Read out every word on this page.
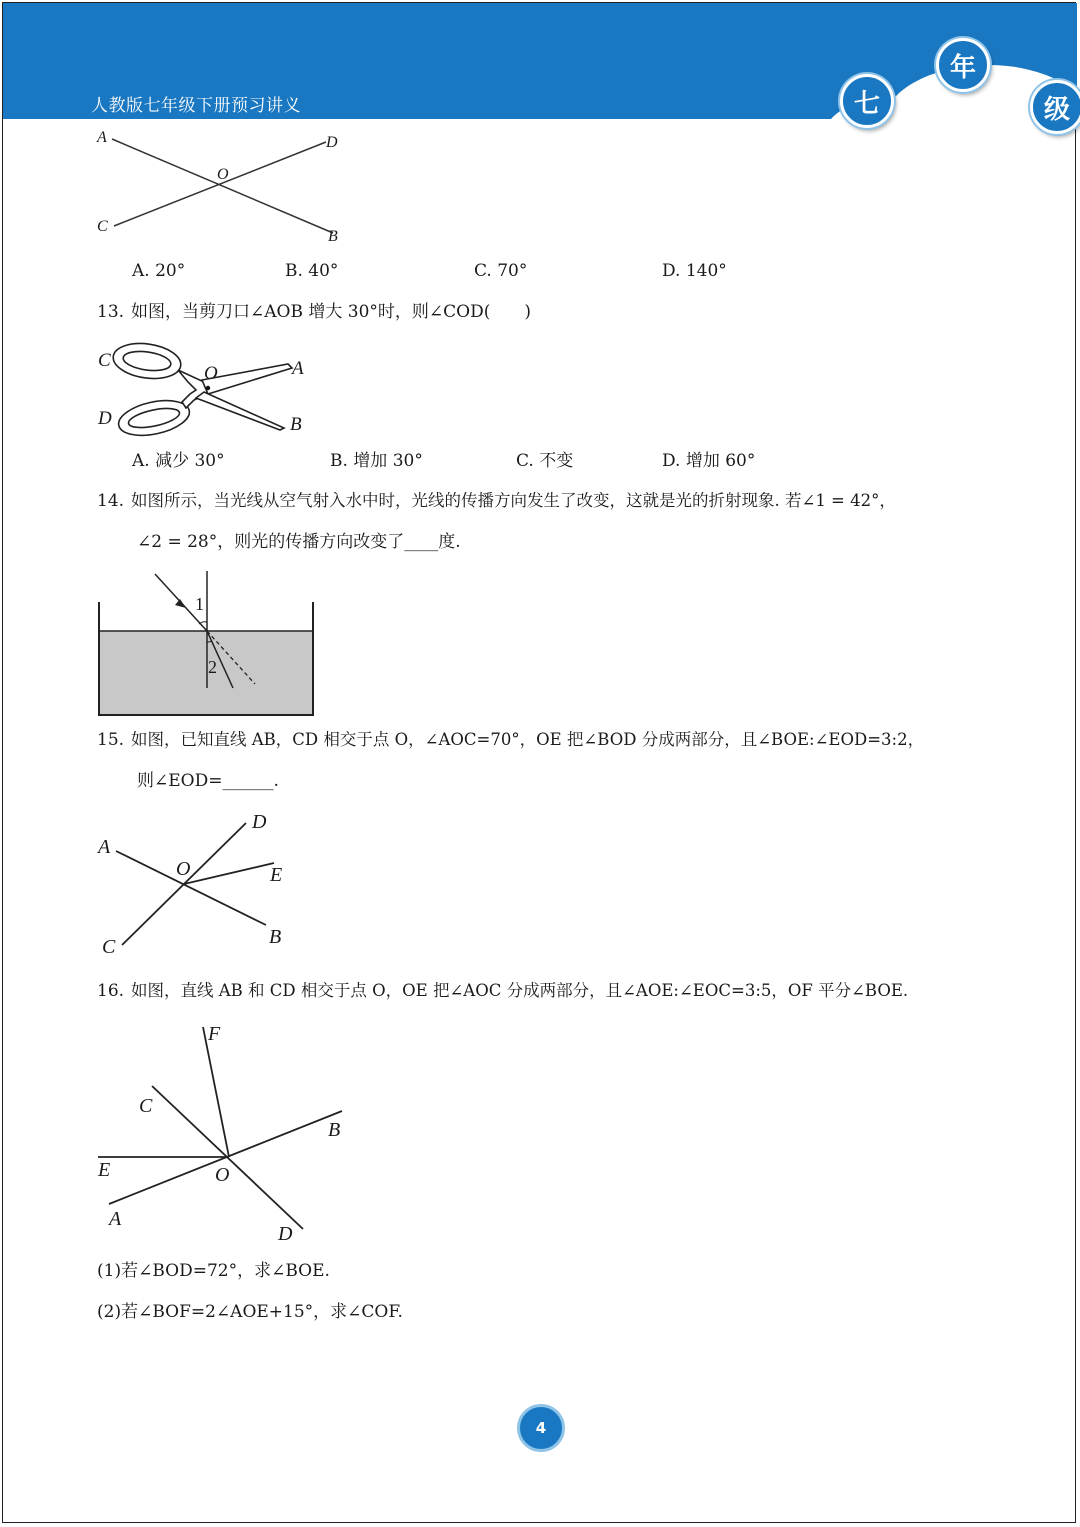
人教版七年级下册预习讲义	七
年
级
A	D
O
C
B
A. 20°	B. 40°	C. 70°	D. 140°
13. 如图，当剪刀口∠AOB 增大 30°时，则∠COD(　　)
C
O	A
D	B
A. 减少 30°	B. 增加 30°	C. 不变	D. 增加 60°
14. 如图所示，当光线从空气射入水中时，光线的传播方向发生了改变，这就是光的折射现象. 若∠1 = 42°，
∠2 = 28°，则光的传播方向改变了____度.
1
2
15. 如图，已知直线 AB，CD 相交于点 O，∠AOC=70°，OE 把∠BOD 分成两部分，且∠BOE:∠EOD=3:2，
则∠EOD=______.
A
D
O	E
C	B
16. 如图，直线 AB 和 CD 相交于点 O，OE 把∠AOC 分成两部分，且∠AOE:∠EOC=3:5，OF 平分∠BOE.
F
C
B
E	O
A
D
(1)若∠BOD=72°，求∠BOE.
(2)若∠BOF=2∠AOE+15°，求∠COF.
4
